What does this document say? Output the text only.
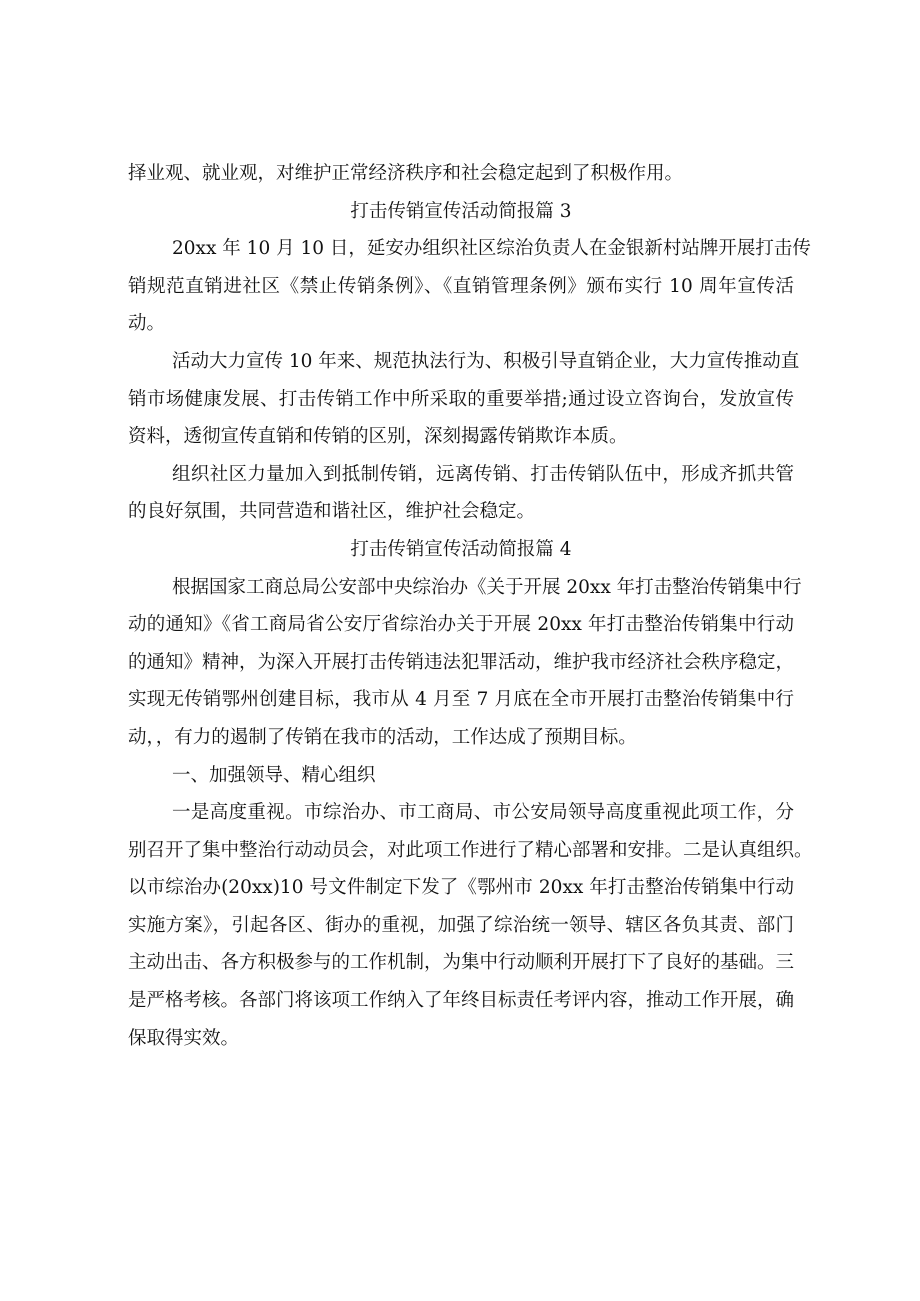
择业观、就业观，对维护正常经济秩序和社会稳定起到了积极作用。

打击传销宣传活动简报篇 3

20xx 年 10 月 10 日，延安办组织社区综治负责人在金银新村站牌开展打击传

销规范直销进社区《禁止传销条例》、《直销管理条例》颁布实行 10 周年宣传活

动。

活动大力宣传 10 年来、规范执法行为、积极引导直销企业，大力宣传推动直

销市场健康发展、打击传销工作中所采取的重要举措;通过设立咨询台，发放宣传

资料，透彻宣传直销和传销的区别，深刻揭露传销欺诈本质。

组织社区力量加入到抵制传销，远离传销、打击传销队伍中，形成齐抓共管

的良好氛围，共同营造和谐社区，维护社会稳定。

打击传销宣传活动简报篇 4

根据国家工商总局公安部中央综治办《关于开展 20xx 年打击整治传销集中行

动的通知》《省工商局省公安厅省综治办关于开展 20xx 年打击整治传销集中行动

的通知》精神，为深入开展打击传销违法犯罪活动，维护我市经济社会秩序稳定，

实现无传销鄂州创建目标，我市从 4 月至 7 月底在全市开展打击整治传销集中行

动，，有力的遏制了传销在我市的活动，工作达成了预期目标。

一、加强领导、精心组织

一是高度重视。市综治办、市工商局、市公安局领导高度重视此项工作，分

别召开了集中整治行动动员会，对此项工作进行了精心部署和安排。二是认真组织。

以市综治办(20xx)10 号文件制定下发了《鄂州市 20xx 年打击整治传销集中行动

实施方案》，引起各区、街办的重视，加强了综治统一领导、辖区各负其责、部门

主动出击、各方积极参与的工作机制，为集中行动顺利开展打下了良好的基础。三

是严格考核。各部门将该项工作纳入了年终目标责任考评内容，推动工作开展，确

保取得实效。
